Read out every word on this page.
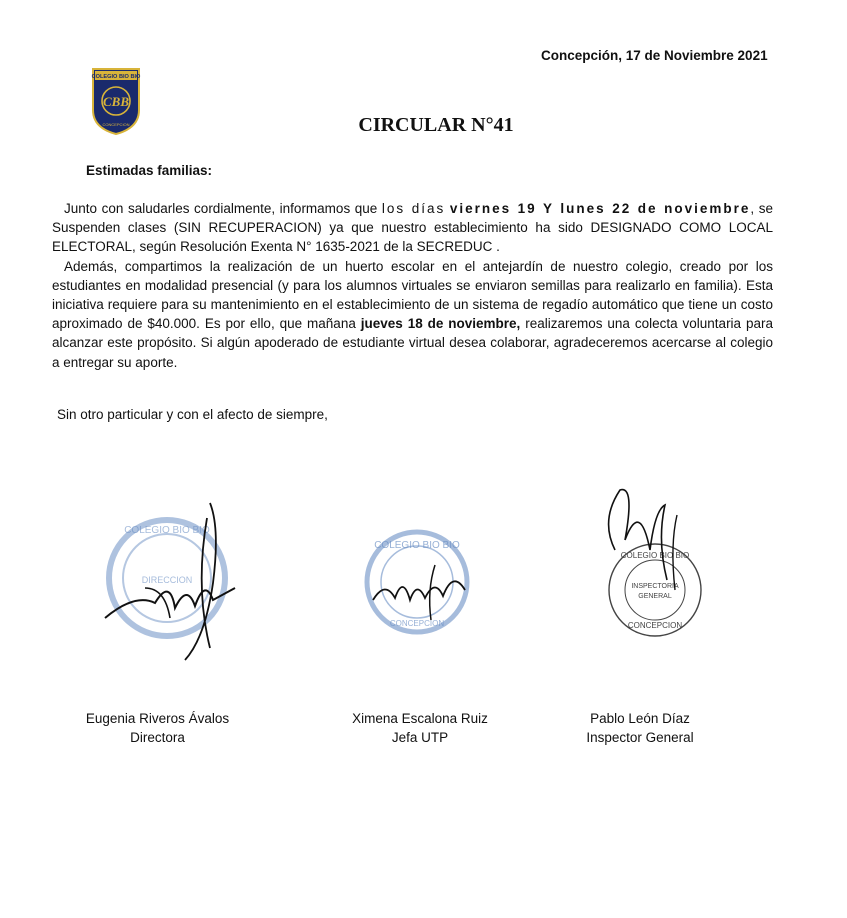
Concepción, 17 de Noviembre 2021
COLEGIO BIO BIO
CBB
CONCEPCION	CIRCULAR N°41
Estimadas familias:

Junto con saludarles cordialmente, informamos que los días viernes 19 Y lunes 22 de noviembre, se Suspenden clases (SIN RECUPERACION) ya que nuestro establecimiento ha sido DESIGNADO COMO LOCAL ELECTORAL, según Resolución Exenta N° 1635-2021 de la SECREDUC .

Además, compartimos la realización de un huerto escolar en el antejardín de nuestro colegio, creado por los estudiantes en modalidad presencial (y para los alumnos virtuales se enviaron semillas para realizarlo en familia). Esta iniciativa requiere para su mantenimiento en el establecimiento de un sistema de regadío automático que tiene un costo aproximado de $40.000. Es por ello, que mañana jueves 18 de noviembre, realizaremos una colecta voluntaria para alcanzar este propósito. Si algún apoderado de estudiante virtual desea colaborar, agradeceremos acercarse al colegio a entregar su aporte.

Sin otro particular y con el afecto de siempre,
COLEGIO BIO BIO
DIRECCION
COLEGIO BIO BIO
CONCEPCION
COLEGIO BIO BIO
INSPECTORIA
GENERAL
CONCEPCION
Eugenia Riveros Ávalos
Directora
Ximena Escalona Ruiz
Jefa UTP
Pablo León Díaz
Inspector General
